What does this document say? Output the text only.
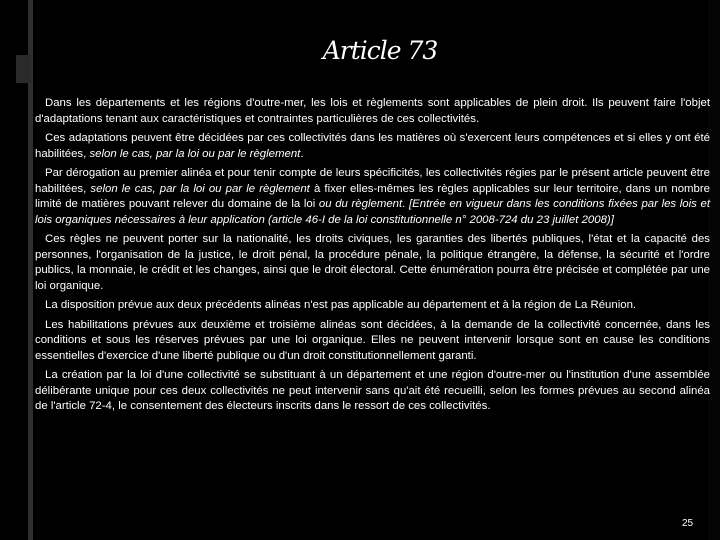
Article 73

Dans les départements et les régions d'outre-mer, les lois et règlements sont applicables de plein droit. Ils peuvent faire l'objet d'adaptations tenant aux caractéristiques et contraintes particulières de ces collectivités.

Ces adaptations peuvent être décidées par ces collectivités dans les matières où s'exercent leurs compétences et si elles y ont été habilitées, selon le cas, par la loi ou par le règlement.

Par dérogation au premier alinéa et pour tenir compte de leurs spécificités, les collectivités régies par le présent article peuvent être habilitées, selon le cas, par la loi ou par le règlement à fixer elles-mêmes les règles applicables sur leur territoire, dans un nombre limité de matières pouvant relever du domaine de la loi ou du règlement. [Entrée en vigueur dans les conditions fixées par les lois et lois organiques nécessaires à leur application (article 46-I de la loi constitutionnelle n° 2008-724 du 23 juillet 2008)]

Ces règles ne peuvent porter sur la nationalité, les droits civiques, les garanties des libertés publiques, l'état et la capacité des personnes, l'organisation de la justice, le droit pénal, la procédure pénale, la politique étrangère, la défense, la sécurité et l'ordre publics, la monnaie, le crédit et les changes, ainsi que le droit électoral. Cette énumération pourra être précisée et complétée par une loi organique.

La disposition prévue aux deux précédents alinéas n'est pas applicable au département et à la région de La Réunion.

Les habilitations prévues aux deuxième et troisième alinéas sont décidées, à la demande de la collectivité concernée, dans les conditions et sous les réserves prévues par une loi organique. Elles ne peuvent intervenir lorsque sont en cause les conditions essentielles d'exercice d'une liberté publique ou d'un droit constitutionnellement garanti.

La création par la loi d'une collectivité se substituant à un département et une région d'outre-mer ou l'institution d'une assemblée délibérante unique pour ces deux collectivités ne peut intervenir sans qu'ait été recueilli, selon les formes prévues au second alinéa de l'article 72-4, le consentement des électeurs inscrits dans le ressort de ces collectivités.

25
